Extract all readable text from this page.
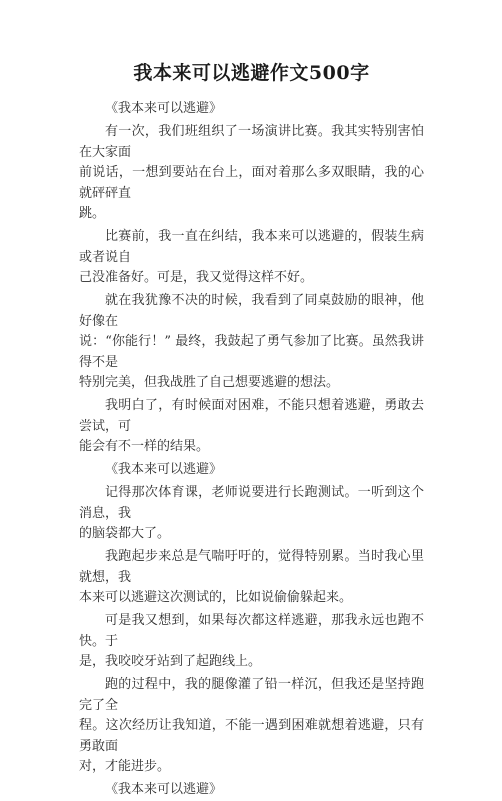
我本来可以逃避作文500字

《我本来可以逃避》

有一次，我们班组织了一场演讲比赛。我其实特别害怕在大家面
前说话，一想到要站在台上，面对着那么多双眼睛，我的心就砰砰直
跳。

比赛前，我一直在纠结，我本来可以逃避的，假装生病或者说自
己没准备好。可是，我又觉得这样不好。

就在我犹豫不决的时候，我看到了同桌鼓励的眼神，他好像在
说：“你能行！” 最终，我鼓起了勇气参加了比赛。虽然我讲得不是
特别完美，但我战胜了自己想要逃避的想法。

我明白了，有时候面对困难，不能只想着逃避，勇敢去尝试，可
能会有不一样的结果。

《我本来可以逃避》

记得那次体育课，老师说要进行长跑测试。一听到这个消息，我
的脑袋都大了。

我跑起步来总是气喘吁吁的，觉得特别累。当时我心里就想，我
本来可以逃避这次测试的，比如说偷偷躲起来。

可是我又想到，如果每次都这样逃避，那我永远也跑不快。于
是，我咬咬牙站到了起跑线上。

跑的过程中，我的腿像灌了铅一样沉，但我还是坚持跑完了全
程。这次经历让我知道，不能一遇到困难就想着逃避，只有勇敢面
对，才能进步。

《我本来可以逃避》
